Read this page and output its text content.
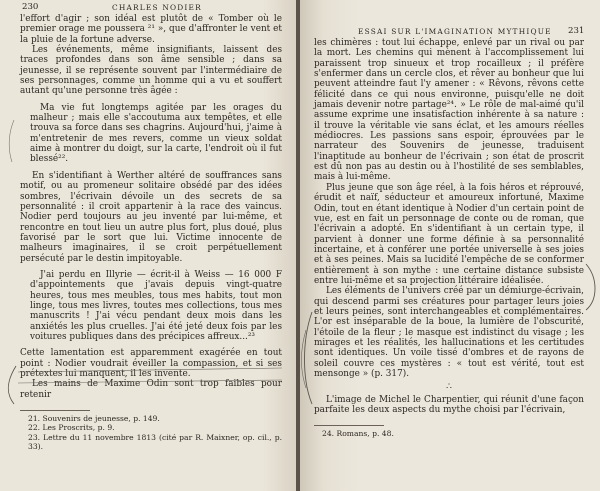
230	CHARLES NODIER

l'effort d'agir ; son idéal est plutôt de « Tomber où le premier orage me poussera ²¹ », que d'affronter le vent et la pluie de la fortune adverse.

Les événements, même insignifiants, laissent des traces profondes dans son âme sensible ; dans sa jeunesse, il se représente souvent par l'intermédiaire de ses personnages, comme un homme qui a vu et souffert autant qu'une personne très âgée :

Ma vie fut longtemps agitée par les orages du malheur ; mais elle s'accoutuma aux tempêtes, et elle trouva sa force dans ses chagrins. Aujourd'hui, j'aime à m'entretenir de mes revers, comme un vieux soldat aime à montrer du doigt, sur la carte, l'endroit où il fut blessé²².

En s'identifiant à Werther altéré de souffrances sans motif, ou au promeneur solitaire obsédé par des idées sombres, l'écrivain dévoile un des secrets de sa personnalité : il croit appartenir à la race des vaincus. Nodier perd toujours au jeu inventé par lui-même, et rencontre en tout lieu un autre plus fort, plus doué, plus favorisé par le sort que lui. Victime innocente de malheurs imaginaires, il se croit perpétuellement persécuté par le destin impitoyable.

J'ai perdu en Illyrie — écrit-il à Weiss — 16 000 F d'appointements que j'avais depuis vingt-quatre heures, tous mes meubles, tous mes habits, tout mon linge, tous mes livres, toutes mes collections, tous mes manuscrits ! J'ai vécu pendant deux mois dans les anxiétés les plus cruelles. J'ai été jeté deux fois par les voitures publiques dans des précipices affreux...²³

Cette lamentation est apparemment exagérée en tout point : Nodier voudrait éveiller la compassion, et si ses prétextes lui manquent, il les invente.

Les mains de Maxime Odin sont trop faibles pour retenir

21. Souvenirs de jeunesse, p. 149.

22. Les Proscrits, p. 9.

23. Lettre du 11 novembre 1813 (cité par R. Maixner, op. cil., p. 33).

ESSAI SUR L'IMAGINATION MYTHIQUE 231

les chimères : tout lui échappe, enlevé par un rival ou par la mort. Les chemins qui mènent à l'accomplissement lui paraissent trop sinueux et trop rocailleux ; il préfère s'enfermer dans un cercle clos, et rêver au bonheur que lui peuvent atteindre faut l'y amener : « Rêvons, rêvons cette félicité dans ce qui nous environne, puisqu'elle ne doit jamais devenir notre partage²⁴. » Le rôle de mal-aimé qu'il assume exprime une insatisfaction inhérente à sa nature : il trouve la véritable vie sans éclat, et les amours réelles médiocres. Les passions sans espoir, éprouvées par le narrateur des Souvenirs de jeunesse, traduisent l'inaptitude au bonheur de l'écrivain ; son état de proscrit est dû non pas au destin ou à l'hostilité de ses semblables, mais à lui-même.

Plus jeune que son âge réel, à la fois héros et réprouvé, érudit et naïf, séducteur et amoureux infortuné, Maxime Odin, tout en étant identique à Nodier d'un certain point de vue, est en fait un personnage de conte ou de roman, que l'écrivain a adopté. En s'identifiant à un certain type, il parvient à donner une forme définie à sa personnalité incertaine, et à conférer une portée universelle à ses joies et à ses peines. Mais sa lucidité l'empêche de se conformer entièrement à son mythe : une certaine distance subsiste entre lui-même et sa projection littéraire idéalisée.

Les éléments de l'univers créé par un démiurge-écrivain, qui descend parmi ses créatures pour partager leurs joies et leurs peines, sont interchangeables et complémentaires. L'or est inséparable de la boue, la lumière de l'obscurité, l'étoile de la fleur ; le masque est indistinct du visage ; les mirages et les réalités, les hallucinations et les certitudes sont identiques. Un voile tissé d'ombres et de rayons de soleil couvre ces mystères : « tout est vérité, tout est mensonge » (p. 317).

∴

L'image de Michel le Charpentier, qui réunit d'une façon parfaite les deux aspects du mythe choisi par l'écrivain,

24. Romans, p. 48.
